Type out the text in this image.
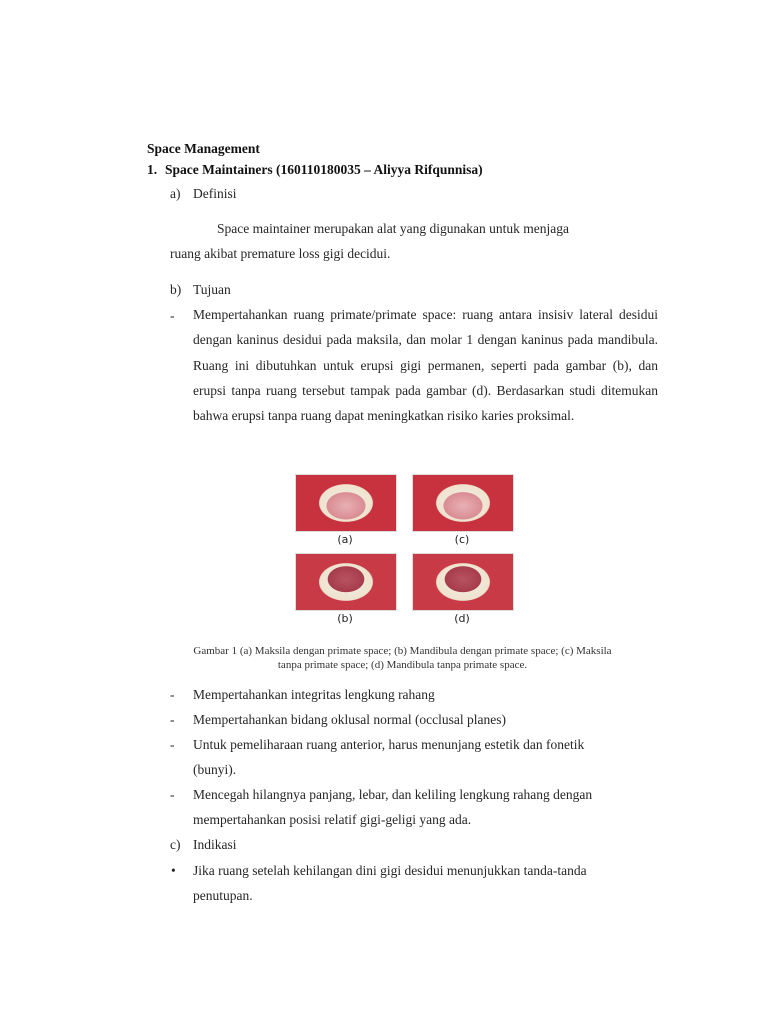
Space Management
1. Space Maintainers (160110180035 – Aliyya Rifqunnisa)
a) Definisi
Space maintainer merupakan alat yang digunakan untuk menjaga
ruang akibat premature loss gigi decidui.
b) Tujuan
- Mempertahankan ruang primate/primate space: ruang antara insisiv lateral desidui dengan kaninus desidui pada maksila, dan molar 1 dengan kaninus pada mandibula. Ruang ini dibutuhkan untuk erupsi gigi permanen, seperti pada gambar (b), dan erupsi tanpa ruang tersebut tampak pada gambar (d). Berdasarkan studi ditemukan bahwa erupsi tanpa ruang dapat meningkatkan risiko karies proksimal.
(a)	(c)
(b)	(d)
Gambar 1 (a) Maksila dengan primate space; (b) Mandibula dengan primate space; (c) Maksila
tanpa primate space; (d) Mandibula tanpa primate space.
- Mempertahankan integritas lengkung rahang
- Mempertahankan bidang oklusal normal (occlusal planes)
- Untuk pemeliharaan ruang anterior, harus menunjang estetik dan fonetik
(bunyi).
- Mencegah hilangnya panjang, lebar, dan keliling lengkung rahang dengan
mempertahankan posisi relatif gigi-geligi yang ada.
c) Indikasi
• Jika ruang setelah kehilangan dini gigi desidui menunjukkan tanda-tanda
penutupan.
